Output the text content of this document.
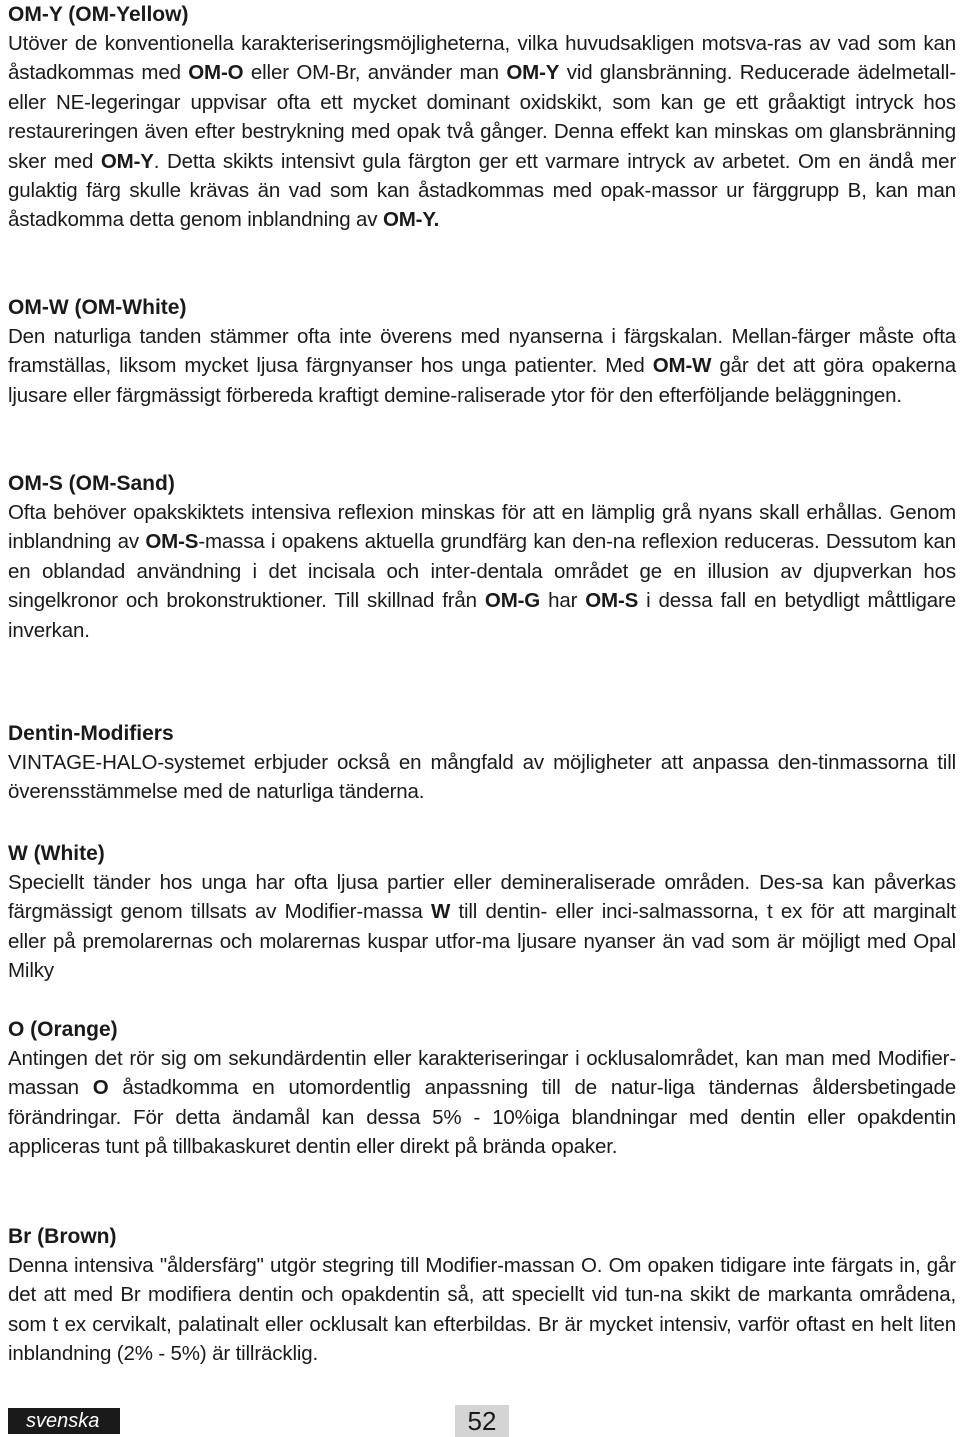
OM-Y (OM-Yellow)

Utöver de konventionella karakteriseringsmöjligheterna, vilka huvudsakligen motsva-ras av vad som kan åstadkommas med OM-O eller OM-Br, använder man OM-Y vid glansbränning. Reducerade ädelmetall- eller NE-legeringar uppvisar ofta ett mycket dominant oxidskikt, som kan ge ett gråaktigt intryck hos restaureringen även efter bestrykning med opak två gånger. Denna effekt kan minskas om glansbränning sker med OM-Y. Detta skikts intensivt gula färgton ger ett varmare intryck av arbetet. Om en ändå mer gulaktig färg skulle krävas än vad som kan åstadkommas med opak-massor ur färggrupp B, kan man åstadkomma detta genom inblandning av OM-Y.

OM-W (OM-White)

Den naturliga tanden stämmer ofta inte överens med nyanserna i färgskalan. Mellan-färger måste ofta framställas, liksom mycket ljusa färgnyanser hos unga patienter. Med OM-W går det att göra opakerna ljusare eller färgmässigt förbereda kraftigt demine-raliserade ytor för den efterföljande beläggningen.

OM-S (OM-Sand)

Ofta behöver opakskiktets intensiva reflexion minskas för att en lämplig grå nyans skall erhållas. Genom inblandning av OM-S-massa i opakens aktuella grundfärg kan den-na reflexion reduceras. Dessutom kan en oblandad användning i det incisala och inter-dentala området ge en illusion av djupverkan hos singelkronor och brokonstruktioner. Till skillnad från OM-G har OM-S i dessa fall en betydligt måttligare inverkan.

Dentin-Modifiers

VINTAGE-HALO-systemet erbjuder också en mångfald av möjligheter att anpassa den-tinmassorna till överensstämmelse med de naturliga tänderna.

W (White)

Speciellt tänder hos unga har ofta ljusa partier eller demineraliserade områden. Des-sa kan påverkas färgmässigt genom tillsats av Modifier-massa W till dentin- eller inci-salmassorna, t ex för att marginalt eller på premolarernas och molarernas kuspar utfor-ma ljusare nyanser än vad som är möjligt med Opal Milky

O (Orange)

Antingen det rör sig om sekundärdentin eller karakteriseringar i ocklusalområdet, kan man med Modifier-massan O åstadkomma en utomordentlig anpassning till de natur-liga tändernas åldersbetingade förändringar. För detta ändamål kan dessa 5% - 10%iga blandningar med dentin eller opakdentin appliceras tunt på tillbakaskuret dentin eller direkt på brända opaker.

Br (Brown)

Denna intensiva "åldersfärg" utgör stegring till Modifier-massan O. Om opaken tidigare inte färgats in, går det att med Br modifiera dentin och opakdentin så, att speciellt vid tun-na skikt de markanta områdena, som t ex cervikalt, palatinalt eller ocklusalt kan efterbildas. Br är mycket intensiv, varför oftast en helt liten inblandning (2% - 5%) är tillräcklig.

svenska	52
